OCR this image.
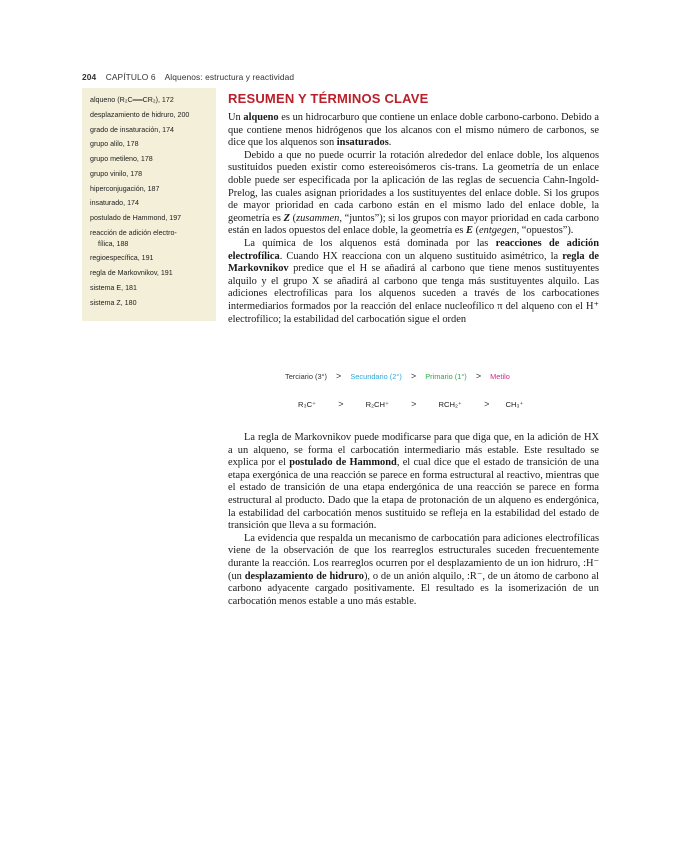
204 CAPÍTULO 6 Alquenos: estructura y reactividad
alqueno (R₂C══CR₂), 172
desplazamiento de hidruro, 200
grado de insaturación, 174
grupo alilo, 178
grupo metileno, 178
grupo vinilo, 178
hiperconjugación, 187
insaturado, 174
postulado de Hammond, 197
reacción de adición electro-
fílica, 188
regioespecífica, 191
regla de Markovnikov, 191
sistema E, 181
sistema Z, 180
RESUMEN Y TÉRMINOS CLAVE

Un alqueno es un hidrocarburo que contiene un enlace doble carbono-carbono. Debido a que contiene menos hidrógenos que los alcanos con el mismo número de carbonos, se dice que los alquenos son insaturados.

Debido a que no puede ocurrir la rotación alrededor del enlace doble, los alquenos sustituidos pueden existir como estereoisómeros cis-trans. La geometría de un enlace doble puede ser especificada por la aplicación de las reglas de secuencia Cahn-Ingold-Prelog, las cuales asignan prioridades a los sustituyentes del enlace doble. Si los grupos de mayor prioridad en cada carbono están en el mismo lado del enlace doble, la geometría es Z (zusammen, “juntos”); si los grupos con mayor prioridad en cada carbono están en lados opuestos del enlace doble, la geometría es E (entgegen, “opuestos”).

La química de los alquenos está dominada por las reacciones de adición electrofílica. Cuando HX reacciona con un alqueno sustituido asimétrico, la regla de Markovnikov predice que el H se añadirá al carbono que tiene menos sustituyentes alquilo y el grupo X se añadirá al carbono que tenga más sustituyentes alquilo. Las adiciones electrofílicas para los alquenos suceden a través de los carbocationes intermediarios formados por la reacción del enlace nucleofílico π del alqueno con el H⁺ electrofílico; la estabilidad del carbocatión sigue el orden

Terciario (3°) > Secundario (2°) > Primario (1°) > Metilo
R₃C⁺ >	R₂CH⁺ >	RCH₂⁺ > CH₃⁺

La regla de Markovnikov puede modificarse para que diga que, en la adición de HX a un alqueno, se forma el carbocatión intermediario más estable. Este resultado se explica por el postulado de Hammond, el cual dice que el estado de transición de una etapa exergónica de una reacción se parece en forma estructural al reactivo, mientras que el estado de transición de una etapa endergónica de una reacción se parece en forma estructural al producto. Dado que la etapa de protonación de un alqueno es endergónica, la estabilidad del carbocatión menos sustituido se refleja en la estabilidad del estado de transición que lleva a su formación.

La evidencia que respalda un mecanismo de carbocatión para adiciones electrofílicas viene de la observación de que los rearreglos estructurales suceden frecuentemente durante la reacción. Los rearreglos ocurren por el desplazamiento de un ion hidruro, :H⁻ (un desplazamiento de hidruro), o de un anión alquilo, :R⁻, de un átomo de carbono al carbono adyacente cargado positivamente. El resultado es la isomerización de un carbocatión menos estable a uno más estable.
